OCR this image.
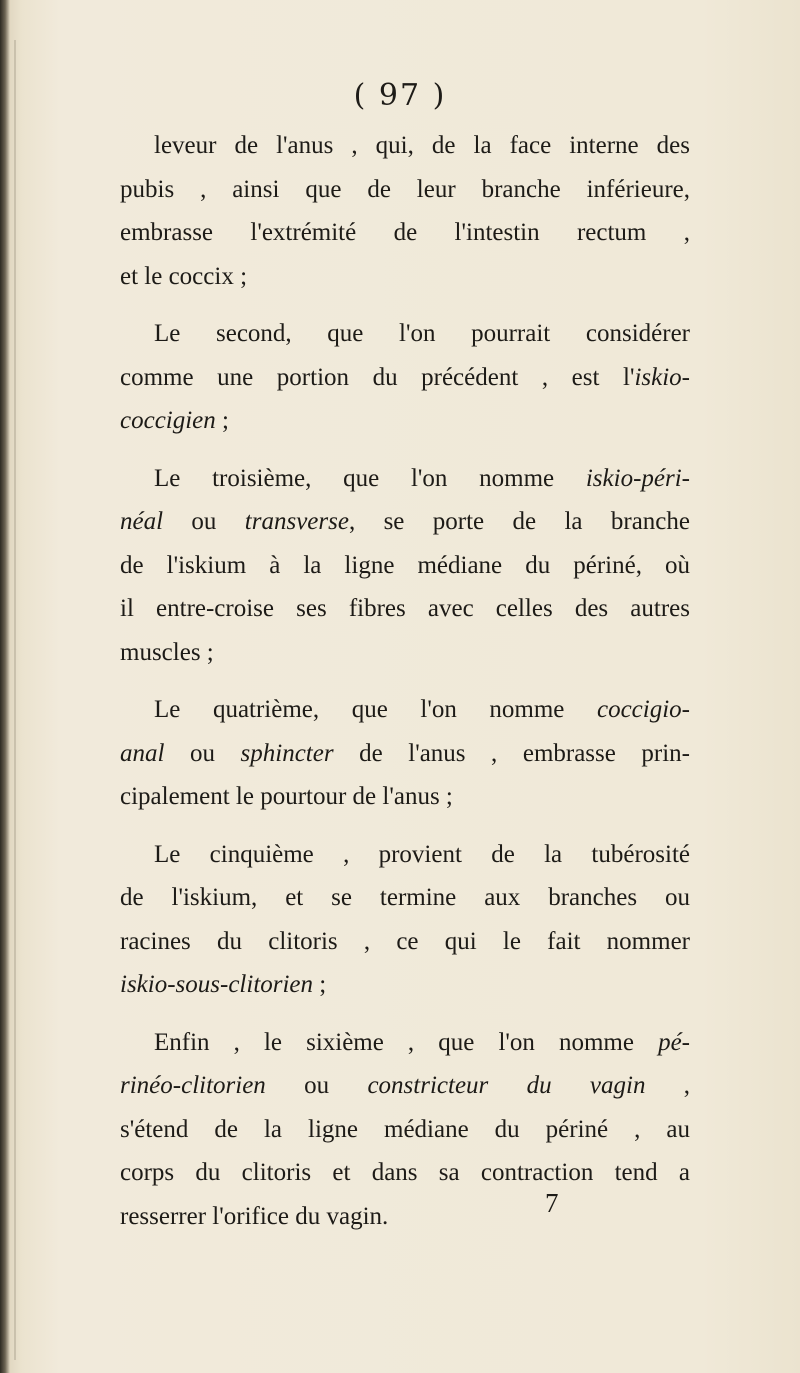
( 97 )
leveur de l'anus , qui, de la face interne des
pubis , ainsi que de leur branche inférieure,
embrasse l'extrémité de l'intestin rectum ,
et le coccix ;
Le second, que l'on pourrait considérer
comme une portion du précédent , est l'iskio-
coccigien ;
Le troisième, que l'on nomme iskio-péri-
néal ou transverse, se porte de la branche
de l'iskium à la ligne médiane du périné, où
il entre-croise ses fibres avec celles des autres
muscles ;
Le quatrième, que l'on nomme coccigio-
anal ou sphincter de l'anus , embrasse prin-
cipalement le pourtour de l'anus ;
Le cinquième , provient de la tubérosité
de l'iskium, et se termine aux branches ou
racines du clitoris , ce qui le fait nommer
iskio-sous-clitorien ;
Enfin , le sixième , que l'on nomme pé-
rinéo-clitorien ou constricteur du vagin ,
s'étend de la ligne médiane du périné , au
corps du clitoris et dans sa contraction tend a
resserrer l'orifice du vagin.	7
